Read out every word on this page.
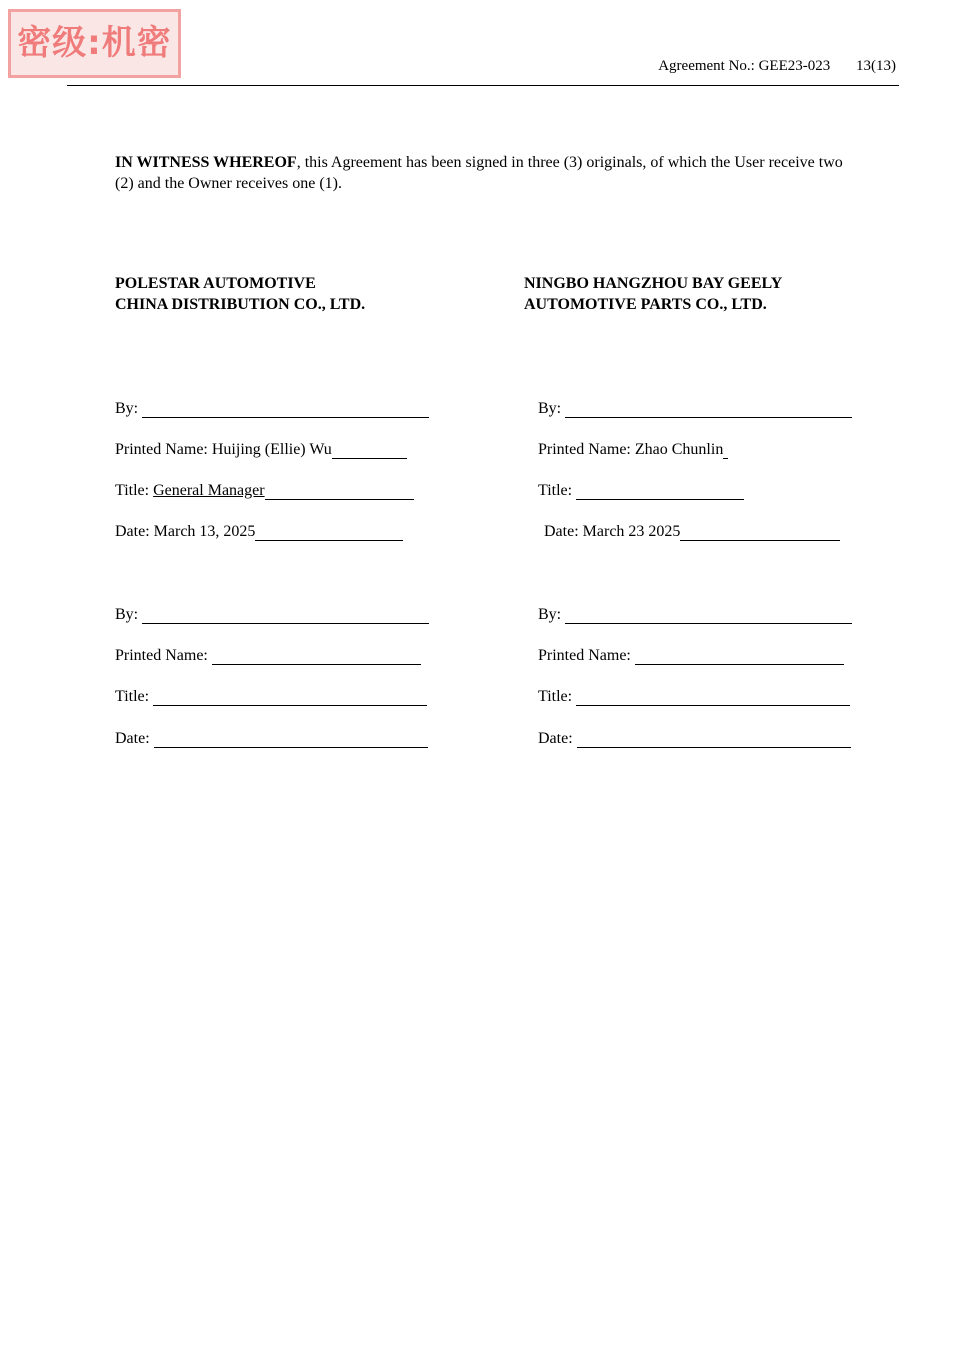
密级:机密
Agreement No.: GEE23-023 13(13)
IN WITNESS WHEREOF, this Agreement has been signed in three (3) originals, of which the User receive two (2) and the Owner receives one (1).
POLESTAR AUTOMOTIVE
CHINA DISTRIBUTION CO., LTD.
NINGBO HANGZHOU BAY GEELY
AUTOMOTIVE PARTS CO., LTD.
By:
Printed Name: Huijing (Ellie) Wu
Title: General Manager
Date: March 13, 2025
By:
Printed Name: Zhao Chunlin
Title:
Date: March 23 2025
By:
Printed Name:
Title:
Date:
By:
Printed Name:
Title:
Date:
